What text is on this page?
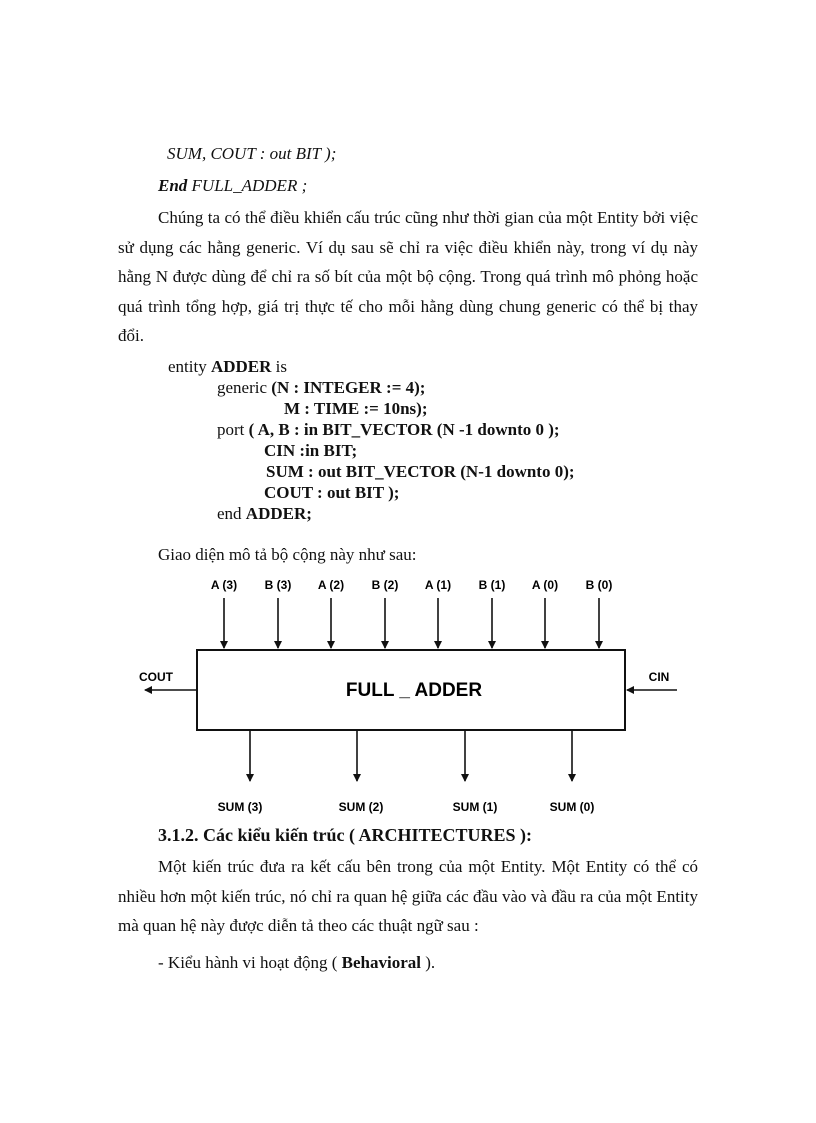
SUM, COUT : out BIT );
End FULL_ADDER ;
Chúng ta có thể điều khiển cấu trúc cũng như thời gian của một Entity bởi việc sử dụng các hằng generic. Ví dụ sau sẽ chỉ ra việc điều khiển này, trong ví dụ này hằng N được dùng để chỉ ra số bít của một bộ cộng. Trong quá trình mô phỏng hoặc quá trình tổng hợp, giá trị thực tế cho mỗi hằng dùng chung generic có thể bị thay đổi.
entity ADDER is
generic (N : INTEGER := 4);
M : TIME := 10ns);
port ( A, B : in BIT_VECTOR (N -1 downto 0 );
CIN :in BIT;
SUM : out BIT_VECTOR (N-1 downto 0);
COUT : out BIT );
end ADDER;
Giao diện mô tả bộ cộng này như sau:
FULL _ ADDER
A (3) B (3) A (2) B (2) A (1) B (1) A (0) B (0)
COUT	CIN
SUM (3)	SUM (2)	SUM (1)	SUM (0)
3.1.2. Các kiểu kiến trúc ( ARCHITECTURES ):
Một kiến trúc đưa ra kết cấu bên trong của một Entity. Một Entity có thể có nhiều hơn một kiến trúc, nó chỉ ra quan hệ giữa các đầu vào và đầu ra của một Entity mà quan hệ này được diễn tả theo các thuật ngữ sau :
- Kiểu hành vi hoạt động ( Behavioral ).
